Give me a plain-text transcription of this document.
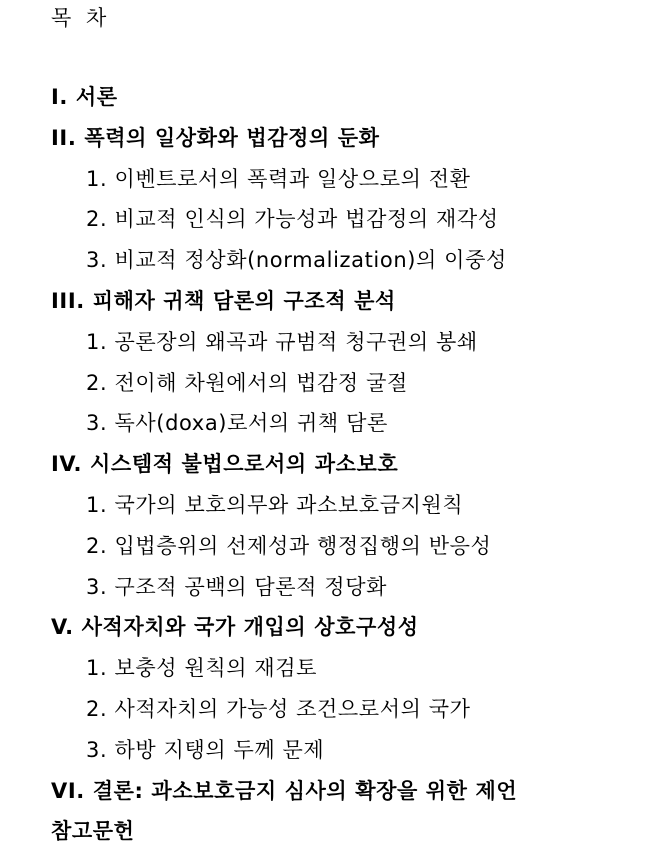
목 차
I. 서론
II. 폭력의 일상화와 법감정의 둔화
1. 이벤트로서의 폭력과 일상으로의 전환
2. 비교적 인식의 가능성과 법감정의 재각성
3. 비교적 정상화(normalization)의 이중성
III. 피해자 귀책 담론의 구조적 분석
1. 공론장의 왜곡과 규범적 청구권의 봉쇄
2. 전이해 차원에서의 법감정 굴절
3. 독사(doxa)로서의 귀책 담론
IV. 시스템적 불법으로서의 과소보호
1. 국가의 보호의무와 과소보호금지원칙
2. 입법층위의 선제성과 행정집행의 반응성
3. 구조적 공백의 담론적 정당화
V. 사적자치와 국가 개입의 상호구성성
1. 보충성 원칙의 재검토
2. 사적자치의 가능성 조건으로서의 국가
3. 하방 지탱의 두께 문제
VI. 결론: 과소보호금지 심사의 확장을 위한 제언
참고문헌
